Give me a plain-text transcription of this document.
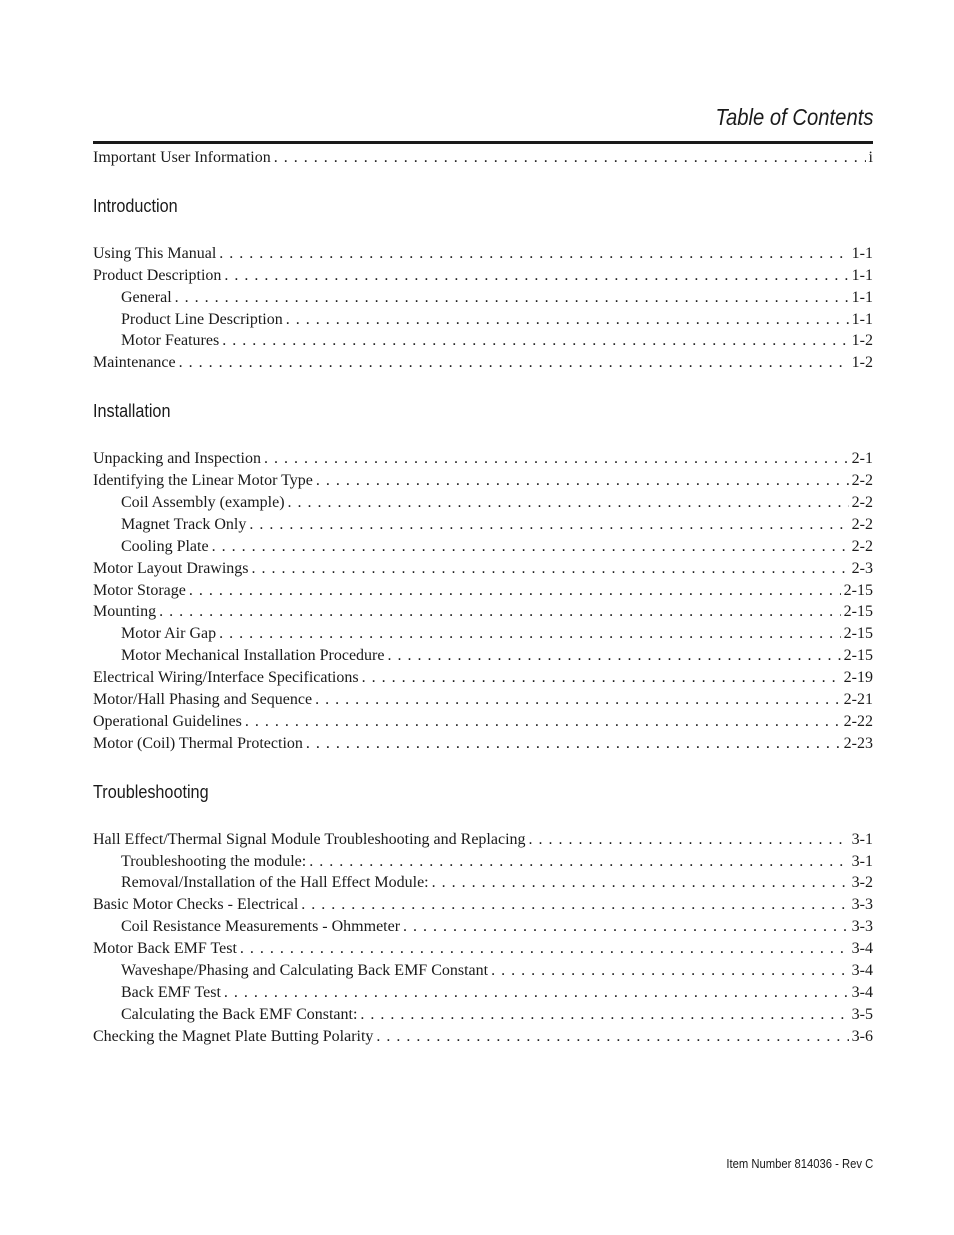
Table of Contents
Important User Information . . .	i
Introduction
Using This Manual . . .	1-1
Product Description . . .	1-1
General . . .	1-1
Product Line Description . . .	1-1
Motor Features . . .	1-2
Maintenance . . .	1-2
Installation
Unpacking and Inspection . . .	2-1
Identifying the Linear Motor Type . . .	2-2
Coil Assembly (example) . . .	2-2
Magnet Track Only . . .	2-2
Cooling Plate . . .	2-2
Motor Layout Drawings . . .	2-3
Motor Storage . . .	2-15
Mounting . . .	2-15
Motor Air Gap . . .	2-15
Motor Mechanical Installation Procedure . . .	2-15
Electrical Wiring/Interface Specifications . . .	2-19
Motor/Hall Phasing and Sequence . . .	2-21
Operational Guidelines . . .	2-22
Motor (Coil) Thermal Protection . . .	2-23
Troubleshooting
Hall Effect/Thermal Signal Module Troubleshooting and Replacing . . .	3-1
Troubleshooting the module: . . .	3-1
Removal/Installation of the Hall Effect Module: . . .	3-2
Basic Motor Checks - Electrical . . .	3-3
Coil Resistance Measurements - Ohmmeter . . .	3-3
Motor Back EMF Test . . .	3-4
Waveshape/Phasing and Calculating Back EMF Constant . . .	3-4
Back EMF Test . . .	3-4
Calculating the Back EMF Constant: . . .	3-5
Checking the Magnet Plate Butting Polarity . . .	3-6
Item Number 814036 - Rev C
